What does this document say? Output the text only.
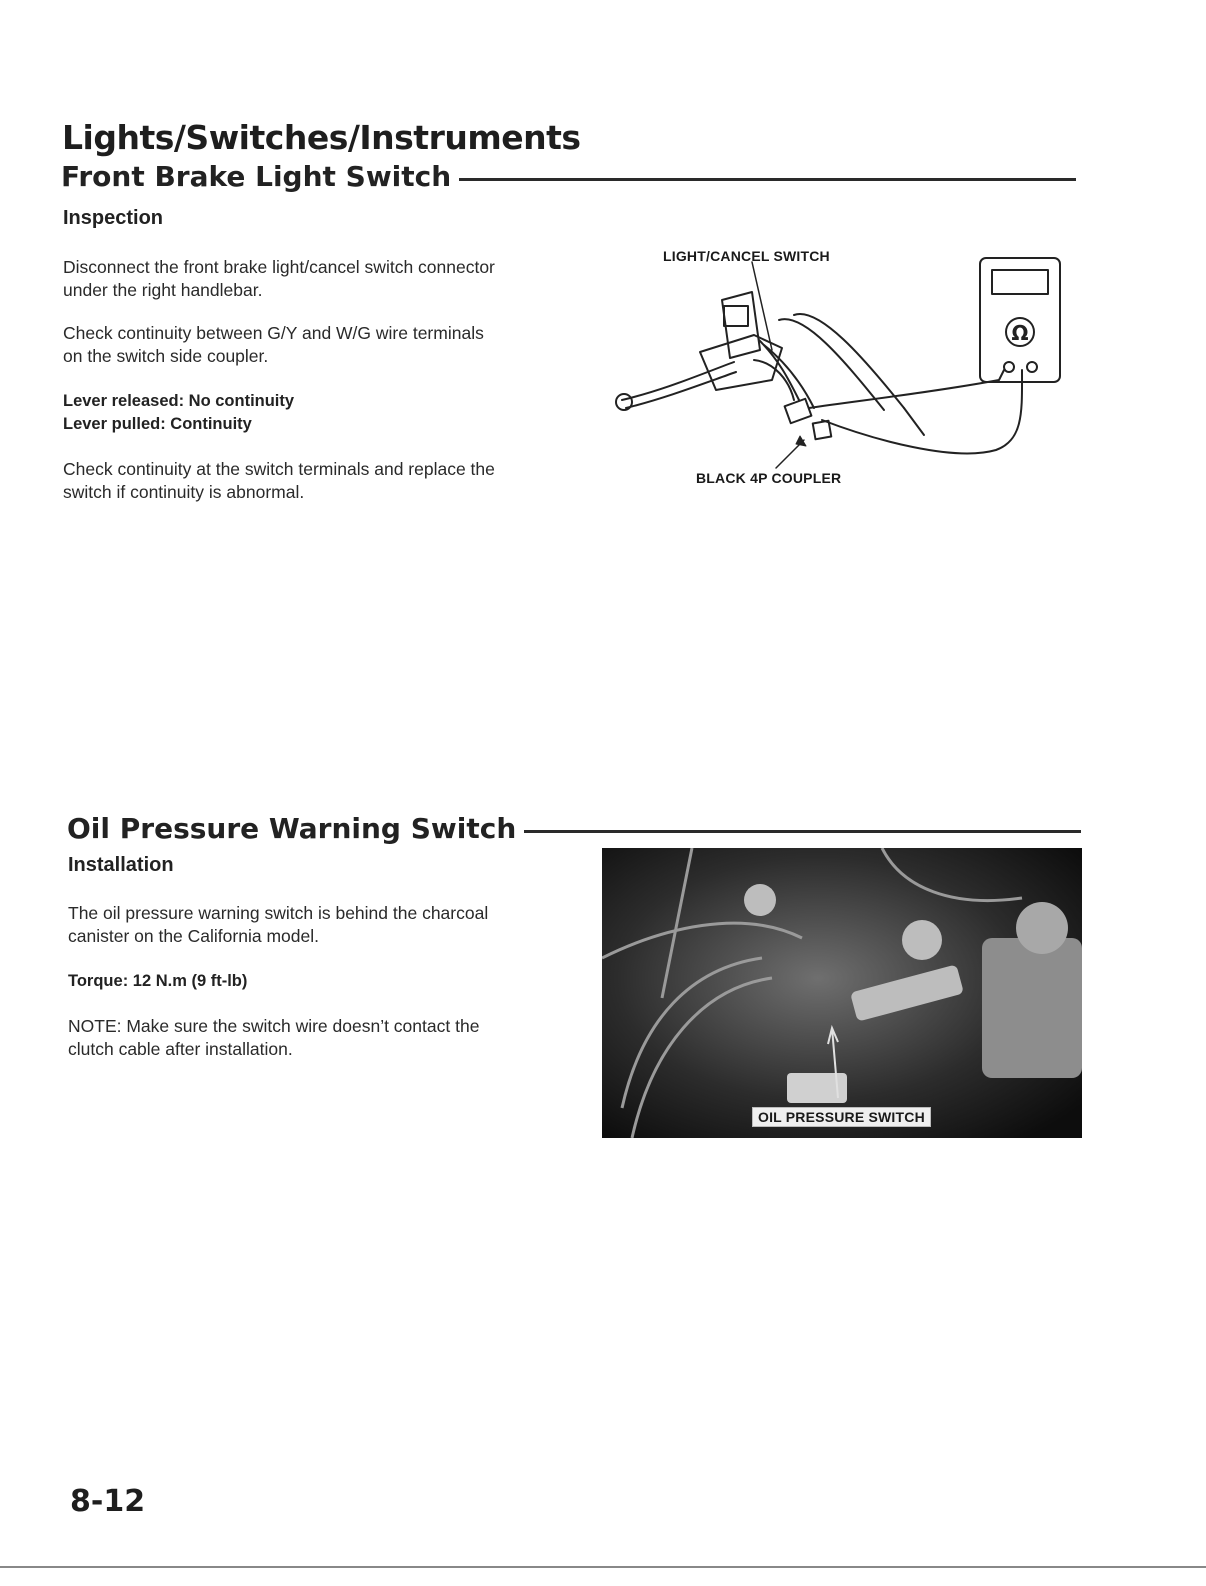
Lights/Switches/Instruments
Front Brake Light Switch

Inspection

Disconnect the front brake light/cancel switch connector

under the right handlebar.

Check continuity between G/Y and W/G wire terminals

on the switch side coupler.

Lever released: No continuity

Lever pulled: Continuity

Check continuity at the switch terminals and replace the

switch if continuity is abnormal.

Ω
LIGHT/CANCEL SWITCH
BLACK 4P COUPLER
Oil Pressure Warning Switch

Installation

The oil pressure warning switch is behind the charcoal

canister on the California model.

Torque: 12 N.m (9 ft-lb)

NOTE: Make sure the switch wire doesn’t contact the

clutch cable after installation.

OIL PRESSURE SWITCH
8-12
